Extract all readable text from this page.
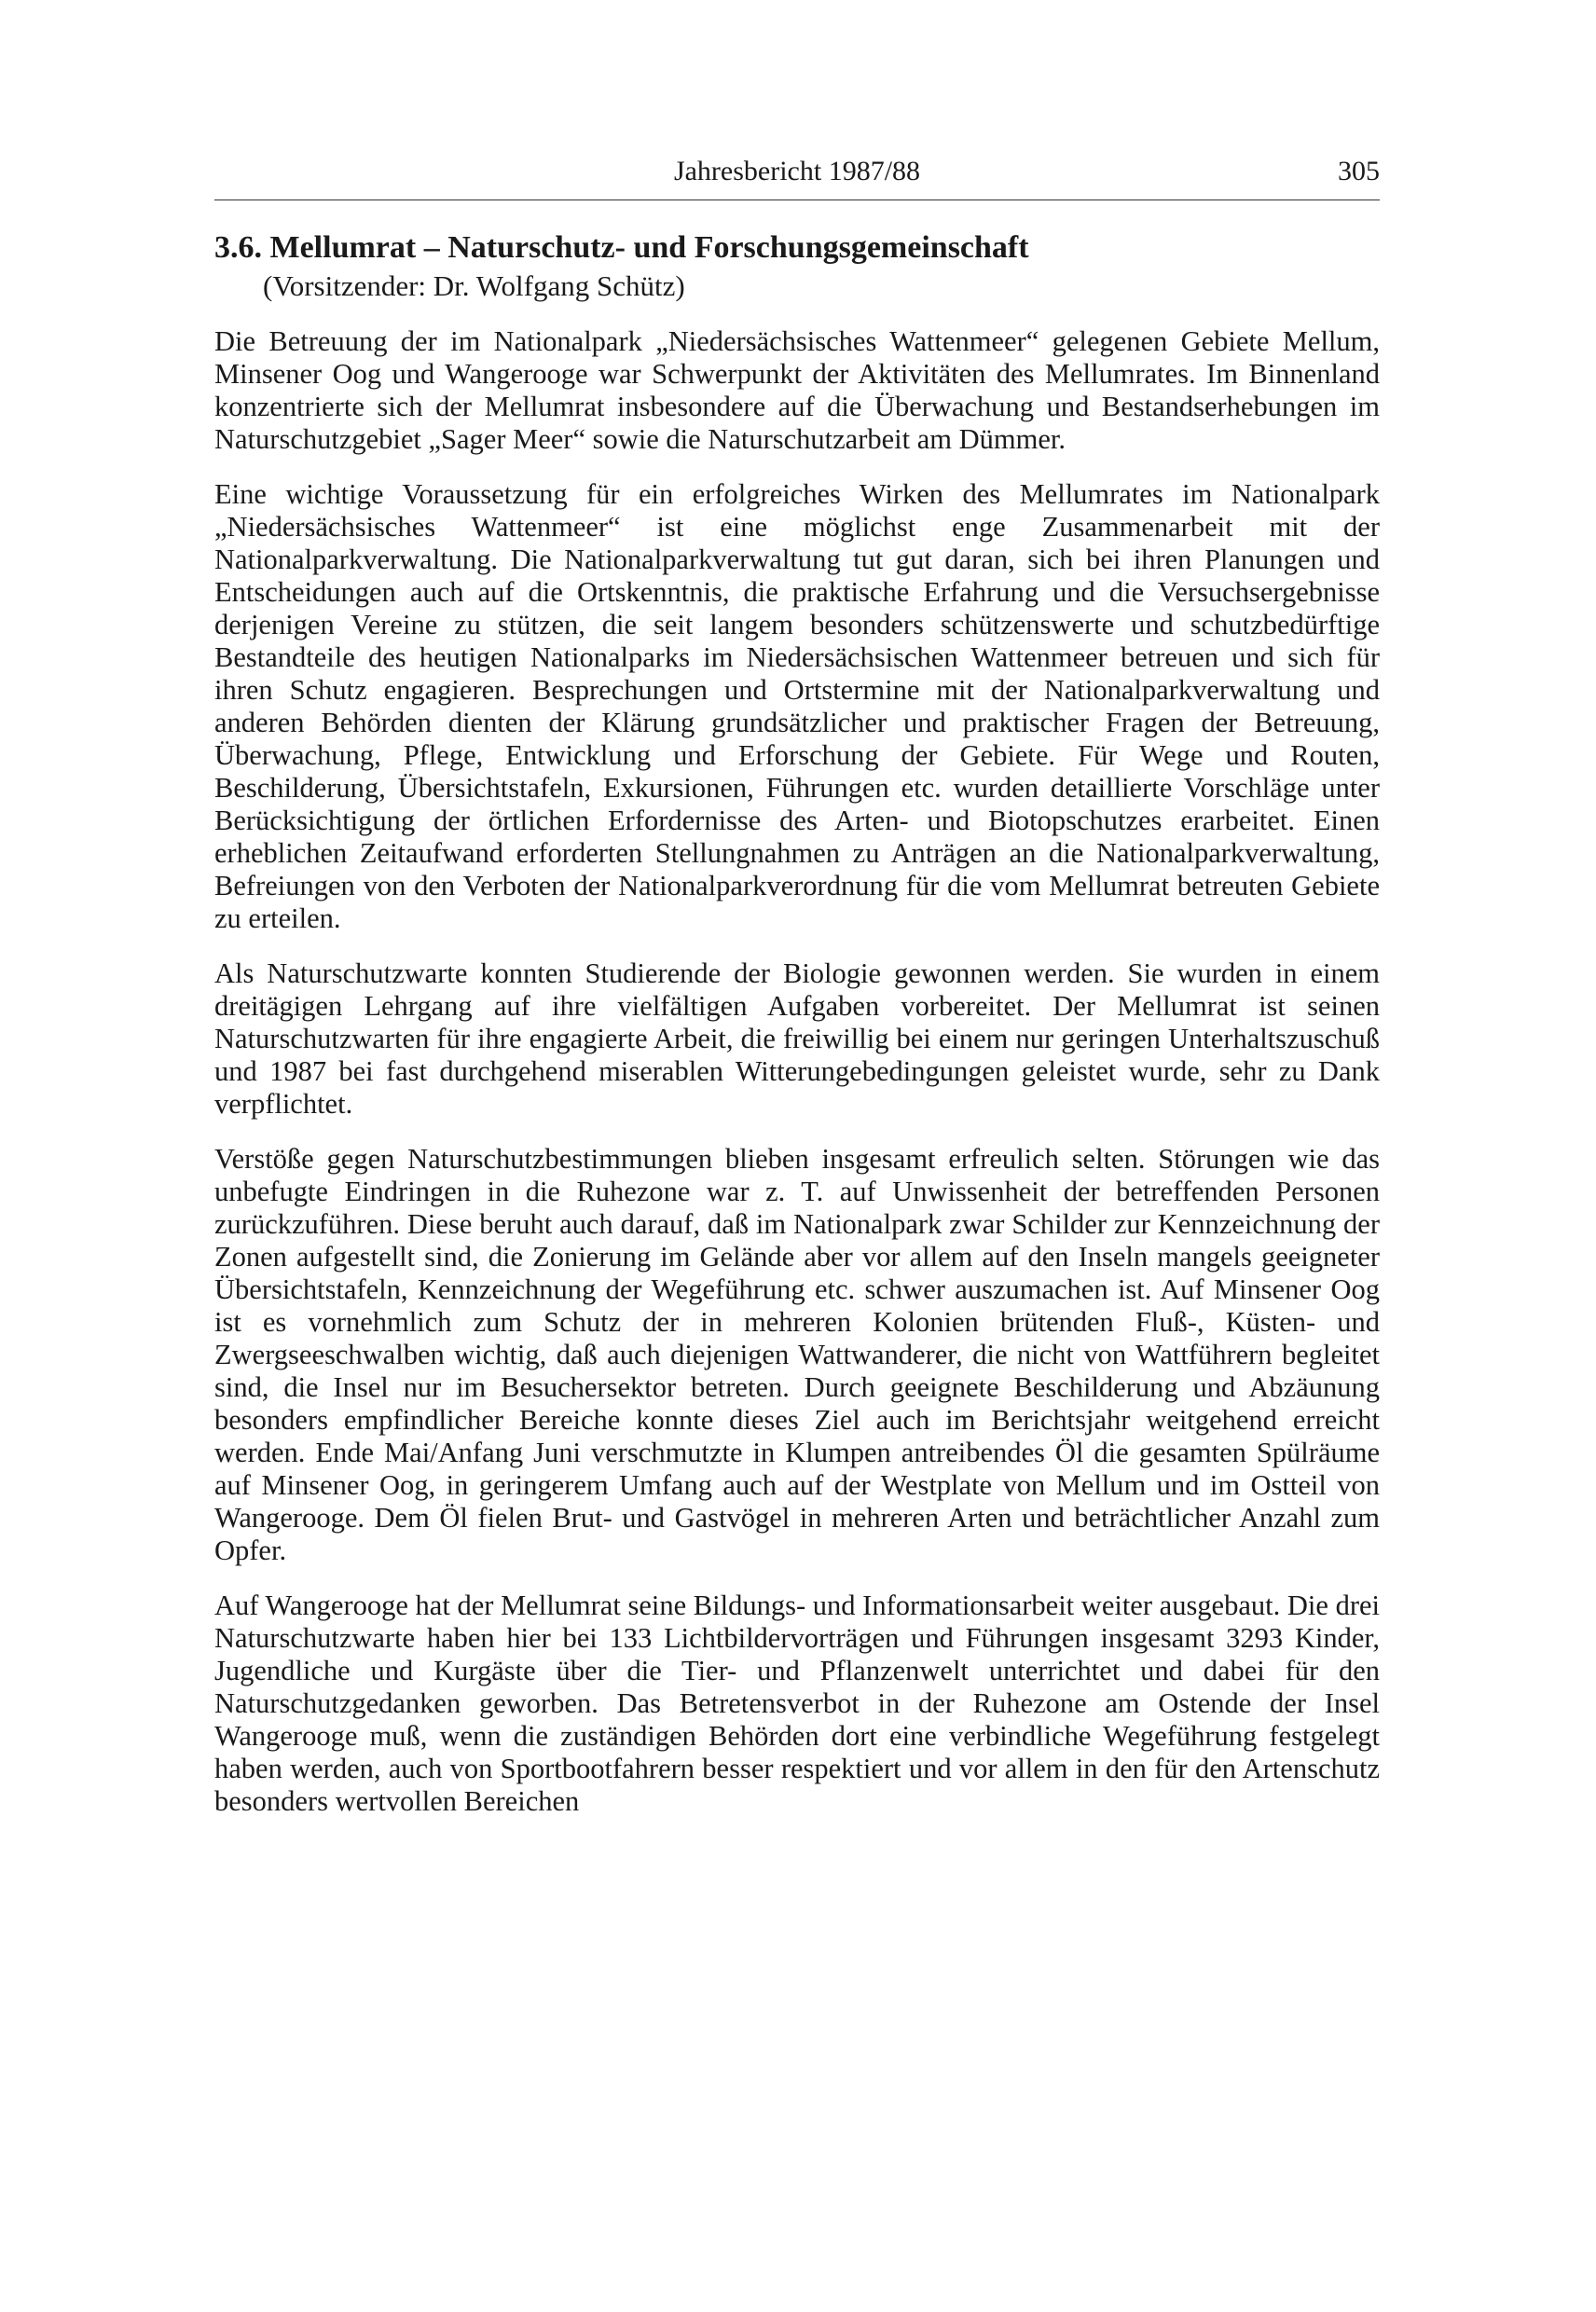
Jahresbericht 1987/88	305
3.6. Mellumrat – Naturschutz- und Forschungsgemeinschaft
(Vorsitzender: Dr. Wolfgang Schütz)

Die Betreuung der im Nationalpark „Niedersächsisches Wattenmeer“ gelegenen Gebiete Mellum, Minsener Oog und Wangerooge war Schwerpunkt der Aktivitäten des Mellumrates. Im Binnenland konzentrierte sich der Mellumrat insbesondere auf die Überwachung und Bestandserhebungen im Naturschutzgebiet „Sager Meer“ sowie die Naturschutzarbeit am Dümmer.

Eine wichtige Voraussetzung für ein erfolgreiches Wirken des Mellumrates im Nationalpark „Niedersächsisches Wattenmeer“ ist eine möglichst enge Zusammenarbeit mit der Nationalparkverwaltung. Die Nationalparkverwaltung tut gut daran, sich bei ihren Planungen und Entscheidungen auch auf die Ortskenntnis, die praktische Erfahrung und die Versuchsergebnisse derjenigen Vereine zu stützen, die seit langem besonders schützenswerte und schutzbedürftige Bestandteile des heutigen Nationalparks im Niedersächsischen Wattenmeer betreuen und sich für ihren Schutz engagieren. Besprechungen und Ortstermine mit der Nationalparkverwaltung und anderen Behörden dienten der Klärung grundsätzlicher und praktischer Fragen der Betreuung, Überwachung, Pflege, Entwicklung und Erforschung der Gebiete. Für Wege und Routen, Beschilderung, Übersichtstafeln, Exkursionen, Führungen etc. wurden detaillierte Vorschläge unter Berücksichtigung der örtlichen Erfordernisse des Arten- und Biotopschutzes erarbeitet. Einen erheblichen Zeitaufwand erforderten Stellungnahmen zu Anträgen an die Nationalparkverwaltung, Befreiungen von den Verboten der Nationalparkverordnung für die vom Mellumrat betreuten Gebiete zu erteilen.

Als Naturschutzwarte konnten Studierende der Biologie gewonnen werden. Sie wurden in einem dreitägigen Lehrgang auf ihre vielfältigen Aufgaben vorbereitet. Der Mellumrat ist seinen Naturschutzwarten für ihre engagierte Arbeit, die freiwillig bei einem nur geringen Unterhaltszuschuß und 1987 bei fast durchgehend miserablen Witterungebedingungen geleistet wurde, sehr zu Dank verpflichtet.

Verstöße gegen Naturschutzbestimmungen blieben insgesamt erfreulich selten. Störungen wie das unbefugte Eindringen in die Ruhezone war z. T. auf Unwissenheit der betreffenden Personen zurückzuführen. Diese beruht auch darauf, daß im Nationalpark zwar Schilder zur Kennzeichnung der Zonen aufgestellt sind, die Zonierung im Gelände aber vor allem auf den Inseln mangels geeigneter Übersichtstafeln, Kennzeichnung der Wegeführung etc. schwer auszumachen ist. Auf Minsener Oog ist es vornehmlich zum Schutz der in mehreren Kolonien brütenden Fluß-, Küsten- und Zwergseeschwalben wichtig, daß auch diejenigen Wattwanderer, die nicht von Wattführern begleitet sind, die Insel nur im Besuchersektor betreten. Durch geeignete Beschilderung und Abzäunung besonders empfindlicher Bereiche konnte dieses Ziel auch im Berichtsjahr weitgehend erreicht werden. Ende Mai/Anfang Juni verschmutzte in Klumpen antreibendes Öl die gesamten Spülräume auf Minsener Oog, in geringerem Umfang auch auf der Westplate von Mellum und im Ostteil von Wangerooge. Dem Öl fielen Brut- und Gastvögel in mehreren Arten und beträchtlicher Anzahl zum Opfer.

Auf Wangerooge hat der Mellumrat seine Bildungs- und Informationsarbeit weiter ausgebaut. Die drei Naturschutzwarte haben hier bei 133 Lichtbildervorträgen und Führungen insgesamt 3293 Kinder, Jugendliche und Kurgäste über die Tier- und Pflanzenwelt unterrichtet und dabei für den Naturschutzgedanken geworben. Das Betretensverbot in der Ruhezone am Ostende der Insel Wangerooge muß, wenn die zuständigen Behörden dort eine verbindliche Wegeführung festgelegt haben werden, auch von Sportbootfahrern besser respektiert und vor allem in den für den Artenschutz besonders wertvollen Bereichen
